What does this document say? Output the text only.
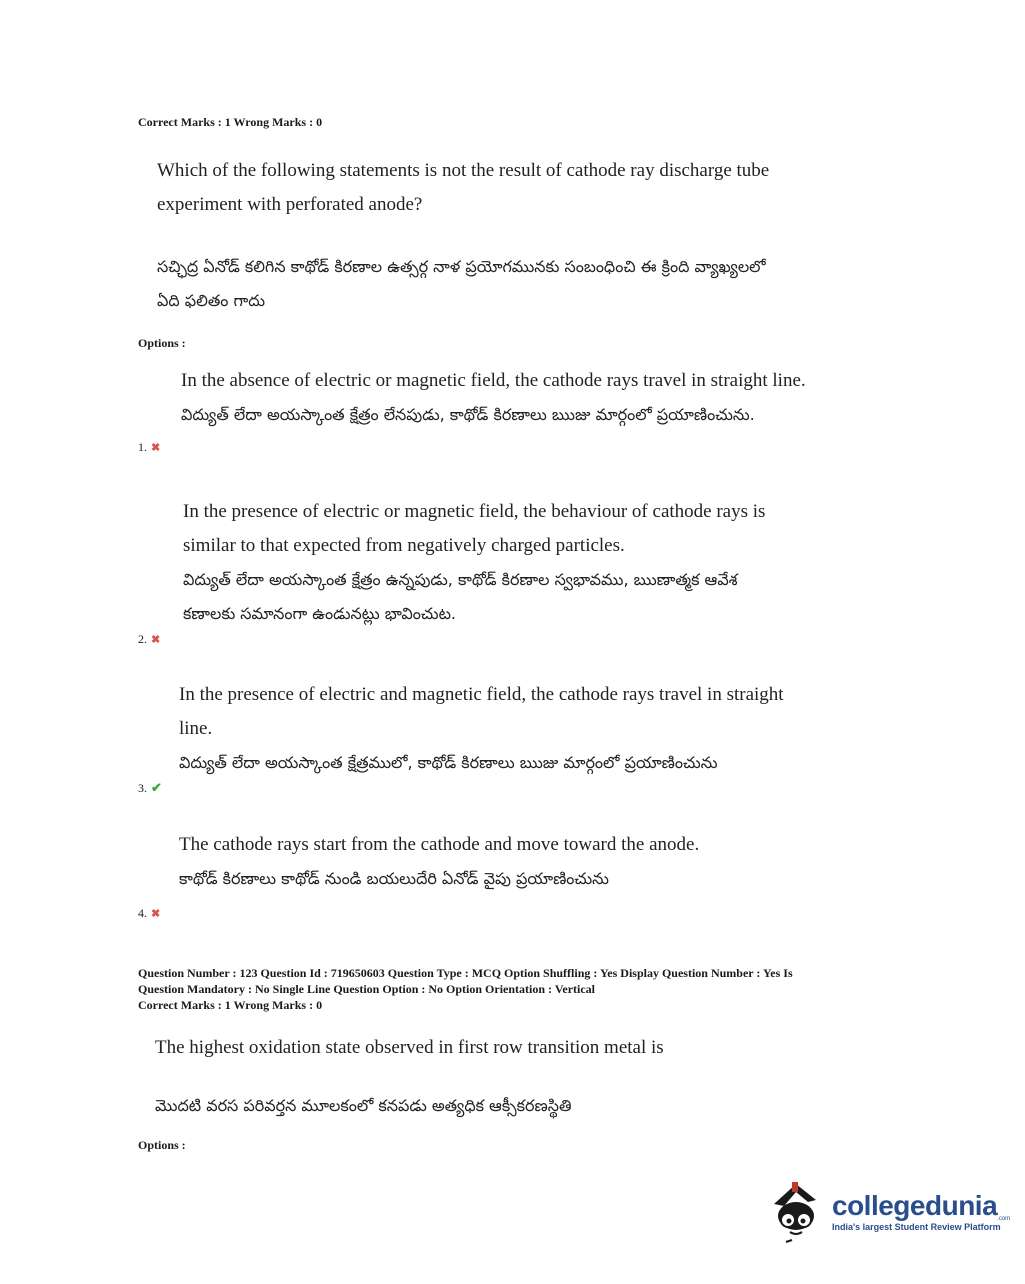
Correct Marks : 1 Wrong Marks : 0
Which of the following statements is not the result of cathode ray discharge tube
experiment with perforated anode?
సచ్ఛిద్ర ఏనోడ్ కలిగిన కాథోడ్ కిరణాల ఉత్సర్గ నాళ ప్రయోగమునకు సంబంధించి ఈ క్రింది వ్యాఖ్యలలో
ఏది ఫలితం గాదు
Options :
In the absence of electric or magnetic field, the cathode rays travel in straight line.
విద్యుత్ లేదా అయస్కాంత క్షేత్రం లేనపుడు, కాథోడ్ కిరణాలు ఋజు మార్గంలో ప్రయాణించును.
1. ✖
In the presence of electric or magnetic field, the behaviour of cathode rays is
similar to that expected from negatively charged particles.
విద్యుత్ లేదా అయస్కాంత క్షేత్రం ఉన్నపుడు, కాథోడ్ కిరణాల స్వభావము, ఋణాత్మక ఆవేశ
కణాలకు సమానంగా ఉండునట్లు భావించుట.
2. ✖
In the presence of electric and magnetic field, the cathode rays travel in straight
line.
విద్యుత్ లేదా అయస్కాంత క్షేత్రములో, కాథోడ్ కిరణాలు ఋజు మార్గంలో ప్రయాణించును
3. ✔
The cathode rays start from the cathode and move toward the anode.
కాథోడ్ కిరణాలు కాథోడ్ నుండి బయలుదేరి ఏనోడ్ వైపు ప్రయాణించును
4. ✖
Question Number : 123 Question Id : 719650603 Question Type : MCQ Option Shuffling : Yes Display Question Number : Yes Is
Question Mandatory : No Single Line Question Option : No Option Orientation : Vertical
Correct Marks : 1 Wrong Marks : 0
The highest oxidation state observed in first row transition metal is
మొదటి వరస పరివర్తన మూలకంలో కనపడు అత్యధిక ఆక్సీకరణస్థితి
Options :
collegedunia .com
India's largest Student Review Platform
